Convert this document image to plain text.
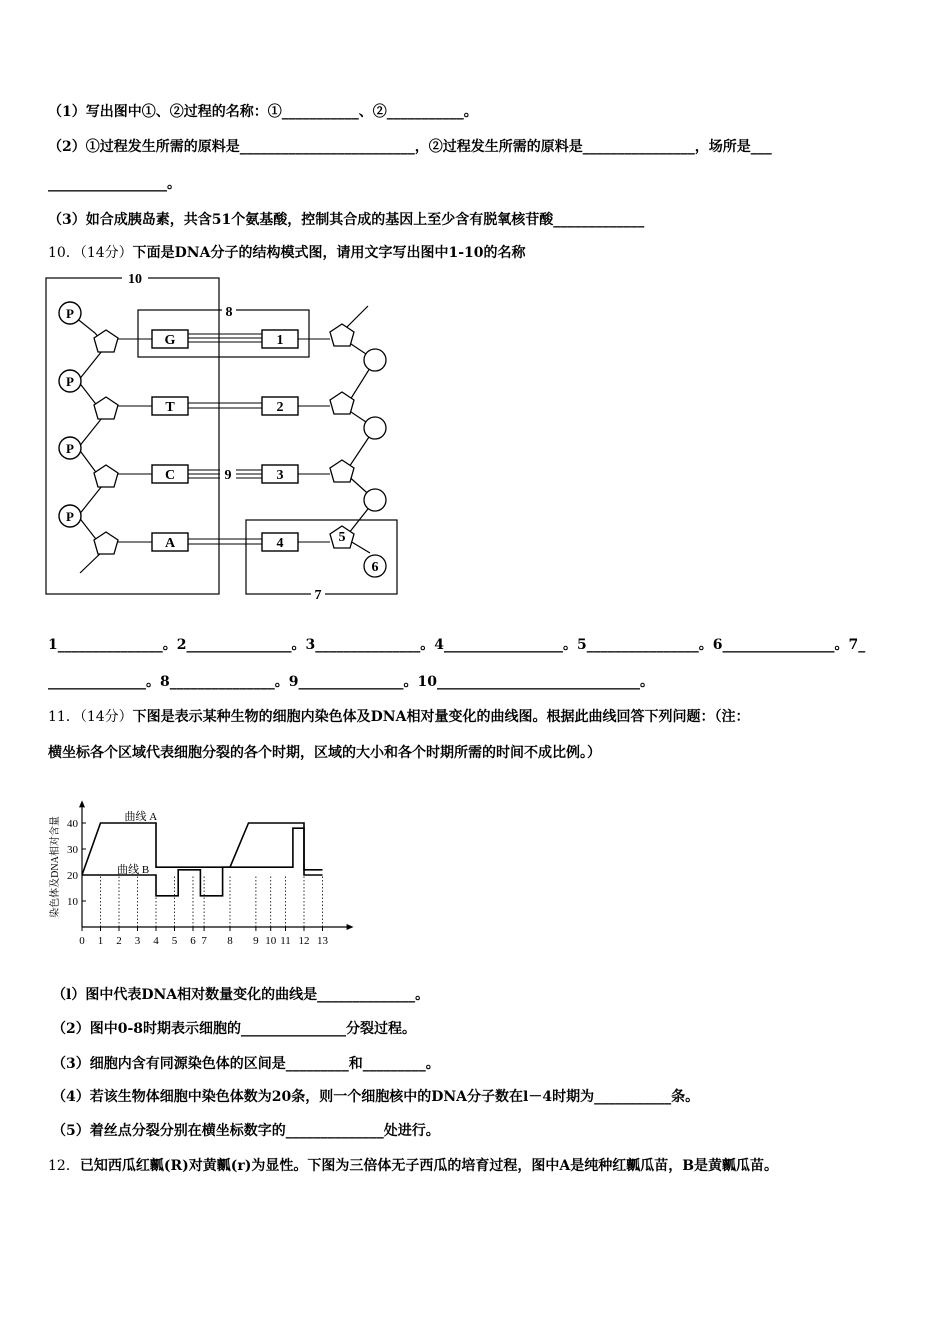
（1）写出图中①、②过程的名称：①___________、②___________。
（2）①过程发生所需的原料是_________________________，②过程发生所需的原料是________________，场所是___
_________________。
（3）如合成胰岛素，共含51个氨基酸，控制其合成的基因上至少含有脱氧核苷酸_____________
10．（14分）下面是DNA分子的结构模式图，请用文字写出图中1-10的名称
P
P
P
P
G
T
C
A
1
2
3
4
10
8
9
5
6
7
1_______________。2_______________。3_______________。4_________________。5________________。6________________。7_
______________。8_______________。9_______________。10_____________________________。
11．（14分）下图是表示某种生物的细胞内染色体及DNA相对量变化的曲线图。根据此曲线回答下列问题：（注：
横坐标各个区域代表细胞分裂的各个时期，区域的大小和各个时期所需的时间不成比例。）
染色体及DNA相对含量 10
20
30
40
0 1 2 3 4 5 6 7 8 9 10 11 12 13
曲线 A
曲线 B
（l）图中代表DNA相对数量变化的曲线是______________。
（2）图中0-8时期表示细胞的_______________分裂过程。
（3）细胞内含有同源染色体的区间是_________和_________。
（4）若该生物体细胞中染色体数为20条，则一个细胞核中的DNA分子数在l－4时期为___________条。
（5）着丝点分裂分别在横坐标数字的______________处进行。
12．已知西瓜红瓤(R)对黄瓤(r)为显性。下图为三倍体无子西瓜的培育过程，图中A是纯种红瓤瓜苗，B是黄瓤瓜苗。
